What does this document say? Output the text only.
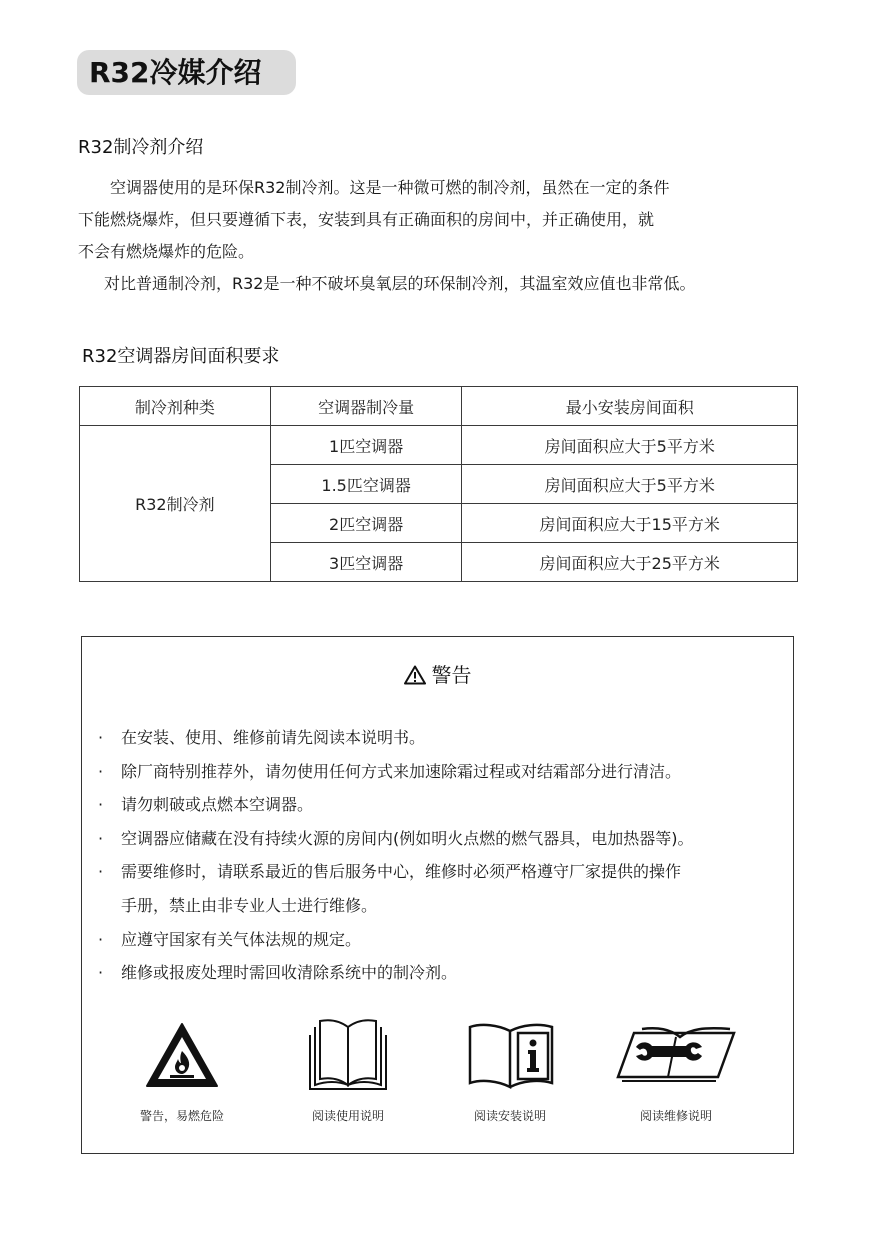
R32冷媒介绍
R32制冷剂介绍

空调器使用的是环保R32制冷剂。这是一种微可燃的制冷剂，虽然在一定的条件

下能燃烧爆炸，但只要遵循下表，安装到具有正确面积的房间中，并正确使用，就

不会有燃烧爆炸的危险。

对比普通制冷剂，R32是一种不破坏臭氧层的环保制冷剂，其温室效应值也非常低。

R32空调器房间面积要求
制冷剂种类	空调器制冷量	最小安装房间面积
R32制冷剂	1匹空调器	房间面积应大于5平方米
	1.5匹空调器	房间面积应大于5平方米
	2匹空调器	房间面积应大于15平方米
	3匹空调器	房间面积应大于25平方米
警告
· 在安装、使用、维修前请先阅读本说明书。
· 除厂商特别推荐外，请勿使用任何方式来加速除霜过程或对结霜部分进行清洁。
· 请勿刺破或点燃本空调器。
· 空调器应储藏在没有持续火源的房间内(例如明火点燃的燃气器具，电加热器等)。
· 需要维修时，请联系最近的售后服务中心，维修时必须严格遵守厂家提供的操作
手册，禁止由非专业人士进行维修。
· 应遵守国家有关气体法规的规定。
· 维修或报废处理时需回收清除系统中的制冷剂。
警告，易燃危险	阅读使用说明	阅读安装说明	阅读维修说明
